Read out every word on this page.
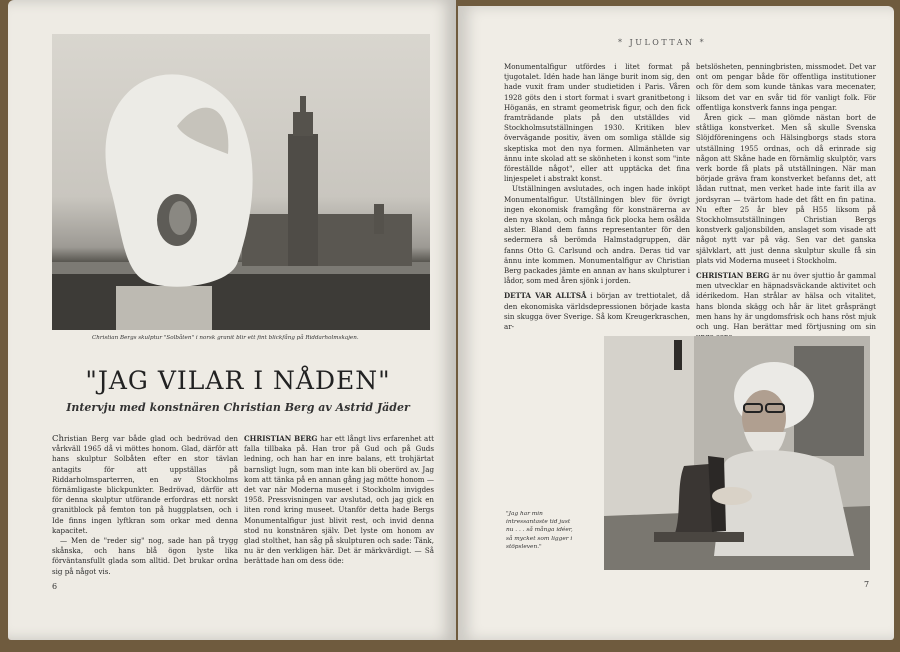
Christian Bergs skulptur "Solbåten" i norsk granit blir ett fint blickfång på Riddarholmskajen.
"JAG VILAR I NÅDEN"
Intervju med konstnären Christian Berg av Astrid Jäder

Christian Berg var både glad och bedrövad den vårkväll 1965 då vi möttes honom. Glad, därför att hans skulptur Solbåten efter en stor tävlan antagits för att uppställas på Riddarholmsparterren, en av Stockholms förnämligaste blickpunkter. Bedrövad, därför att för denna skulptur utförande erfordras ett norskt granitblock på femton ton på huggplatsen, och i Ide finns ingen lyftkran som orkar med denna kapacitet.

— Men de "reder sig" nog, sade han på trygg skånska, och hans blå ögon lyste lika förväntansfullt glada som alltid. Det brukar ordna sig på något vis.

CHRISTIAN BERG har ett långt livs erfarenhet att falla tillbaka på. Han tror på Gud och på Guds ledning, och han har en inre balans, ett trohjärtat barnsligt lugn, som man inte kan bli oberörd av. Jag kom att tänka på en annan gång jag mötte honom — det var när Moderna museet i Stockholm invigdes 1958. Pressvisningen var avslutad, och jag gick en liten rond kring museet. Utanför detta hade Bergs Monumentalfigur just blivit rest, och invid denna stod nu konstnären själv. Det lyste om honom av glad stolthet, han såg på skulpturen och sade: Tänk, nu är den verkligen här. Det är märkvärdigt. — Så berättade han om dess öde:

6
* JULOTTAN *

Monumentalfigur utfördes i litet format på tjugotalet. Idén hade han länge burit inom sig, den hade vuxit fram under studietiden i Paris. Våren 1928 göts den i stort format i svart granitbetong i Höganäs, en stramt geometrisk figur, och den fick framträdande plats på den utställdes vid Stockholmsutställningen 1930. Kritiken blev övervägande positiv, även om somliga ställde sig skeptiska mot den nya formen. Allmänheten var ännu inte skolad att se skönheten i konst som "inte föreställde något", eller att upptäcka det fina linjespelet i abstrakt konst.

Utställningen avslutades, och ingen hade inköpt Monumentalfigur. Utställningen blev för övrigt ingen ekonomisk framgång för konstnärerna av den nya skolan, och många fick plocka hem osålda alster. Bland dem fanns representanter för den sedermera så berömda Halmstadgruppen, där fanns Otto G. Carlsund och andra. Deras tid var ännu inte kommen. Monumentalfigur av Christian Berg packades jämte en annan av hans skulpturer i lådor, som med åren sjönk i jorden.

DETTA VAR ALLTSÅ i början av trettiotalet, då den ekonomiska världsdepressionen började kasta sin skugga över Sverige. Så kom Kreugerkraschen, ar-

betslösheten, penningbristen, missmodet. Det var ont om pengar både för offentliga institutioner och för dem som kunde tänkas vara mecenater, liksom det var en svår tid för vanligt folk. För offentliga konstverk fanns inga pengar.

Åren gick — man glömde nästan bort de ståtliga konstverket. Men så skulle Svenska Slöjdföreningens och Hälsingborgs stads stora utställning 1955 ordnas, och då erinrade sig någon att Skåne hade en förnämlig skulptör, vars verk borde få plats på utställningen. När man började gräva fram konstverket befanns det, att lådan ruttnat, men verket hade inte farit illa av jordsyran — tvärtom hade det fått en fin patina. Nu efter 25 år blev på H55 liksom på Stockholmsutställningen Christian Bergs konstverk galjonsbilden, anslaget som visade att något nytt var på väg. Sen var det ganska självklart, att just denna skulptur skulle få sin plats vid Moderna museet i Stockholm.

CHRISTIAN BERG är nu över sjuttio år gammal men utvecklar en häpnadsväckande aktivitet och idérikedom. Han strålar av hälsa och vitalitet, hans blonda skägg och hår är litet gråsprängt men hans hy är ungdomsfrisk och hans röst mjuk och ung. Han berättar med förtjusning om sin

"Jag har min intressantaste tid just nu . . . så många idéer, så mycket som ligger i stöpsleven."
7
